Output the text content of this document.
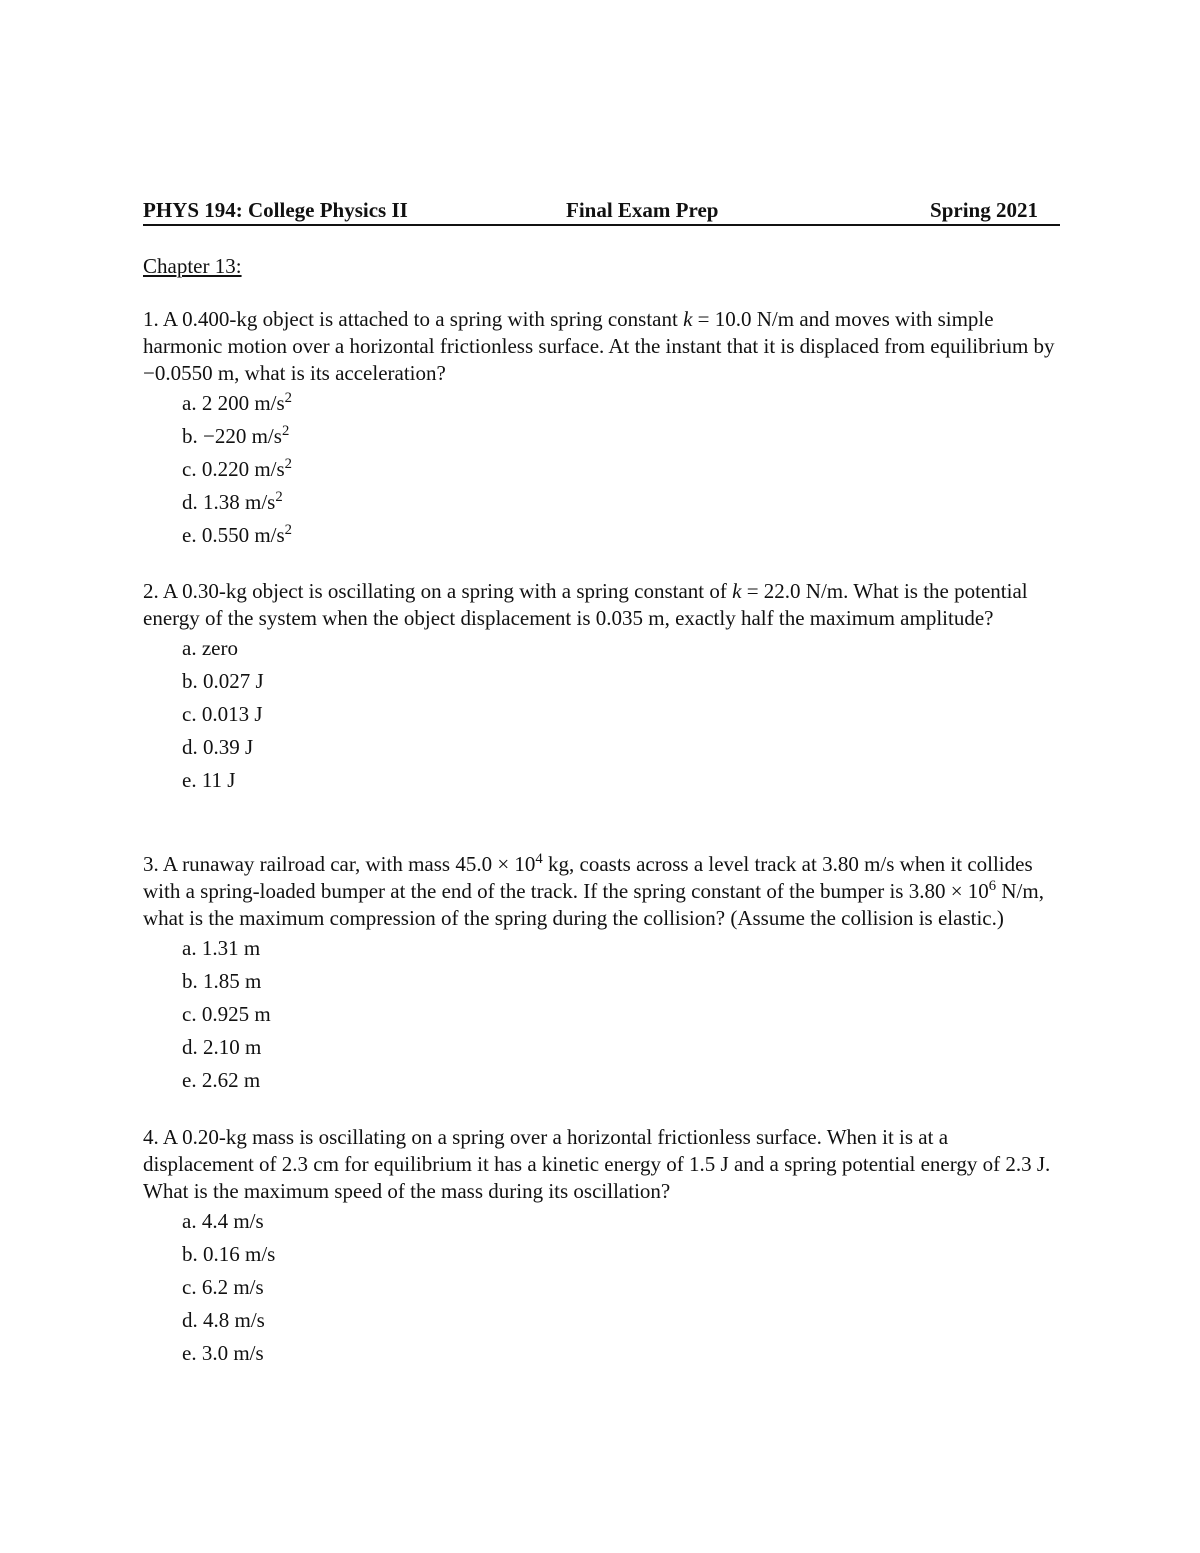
PHYS 194: College Physics II	Final Exam Prep	Spring 2021
Chapter 13:

1. A 0.400-kg object is attached to a spring with spring constant k = 10.0 N/m and moves with simple harmonic motion over a horizontal frictionless surface. At the instant that it is displaced from equilibrium by −0.0550 m, what is its acceleration?

a. 2 200 $m/s^2$
b. −220 $m/s^2$
c. 0.220 $m/s^2$
d. 1.38 $m/s^2$
e. 0.550 $m/s^2$

2. A 0.30-kg object is oscillating on a spring with a spring constant of k = 22.0 N/m. What is the potential energy of the system when the object displacement is 0.035 m, exactly half the maximum amplitude?

a. zero
b. 0.027 J
c. 0.013 J
d. 0.39 J
e. 11 J

3. A runaway railroad car, with mass $45.0 \times 10^4$ kg, coasts across a level track at 3.80 m/s when it collides with a spring-loaded bumper at the end of the track. If the spring constant of the bumper is $3.80 \times 10^6$ N/m, what is the maximum compression of the spring during the collision? (Assume the collision is elastic.)

a. 1.31 m
b. 1.85 m
c. 0.925 m
d. 2.10 m
e. 2.62 m

4. A 0.20-kg mass is oscillating on a spring over a horizontal frictionless surface. When it is at a displacement of 2.3 cm for equilibrium it has a kinetic energy of 1.5 J and a spring potential energy of 2.3 J. What is the maximum speed of the mass during its oscillation?

a. 4.4 m/s
b. 0.16 m/s
c. 6.2 m/s
d. 4.8 m/s
e. 3.0 m/s
